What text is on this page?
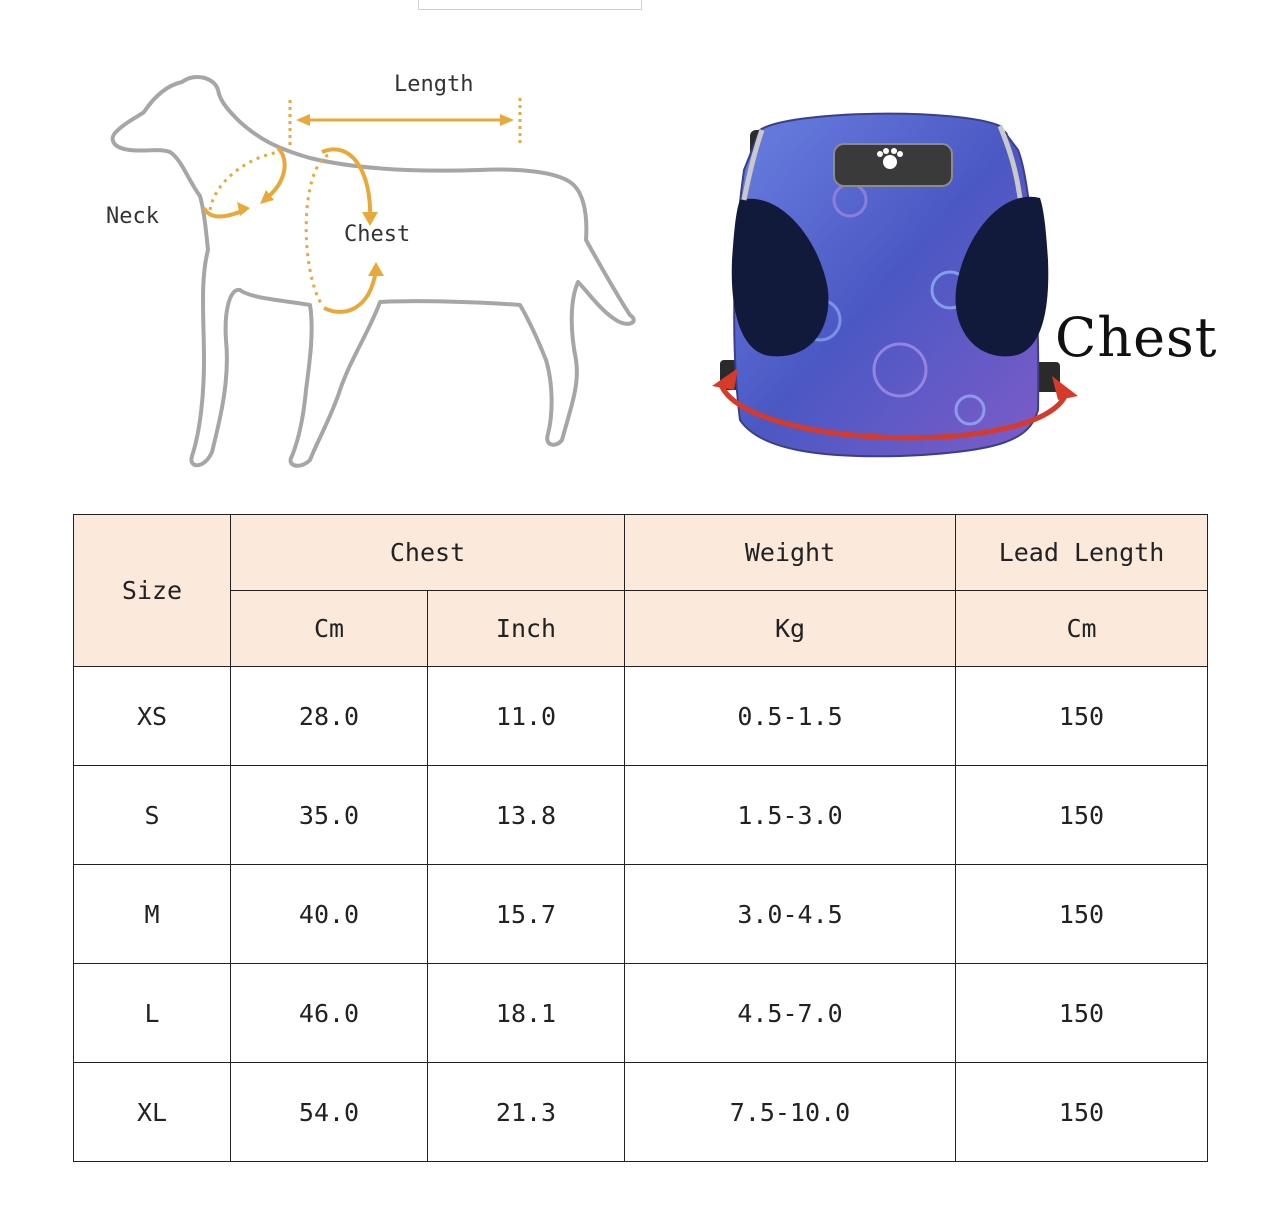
Length
Neck
Chest
Chest
Size	Chest		Weight	Lead Length
	Cm	Inch	Kg	Cm
XS	28.0	11.0	0.5-1.5	150
S	35.0	13.8	1.5-3.0	150
M	40.0	15.7	3.0-4.5	150
L	46.0	18.1	4.5-7.0	150
XL	54.0	21.3	7.5-10.0	150
